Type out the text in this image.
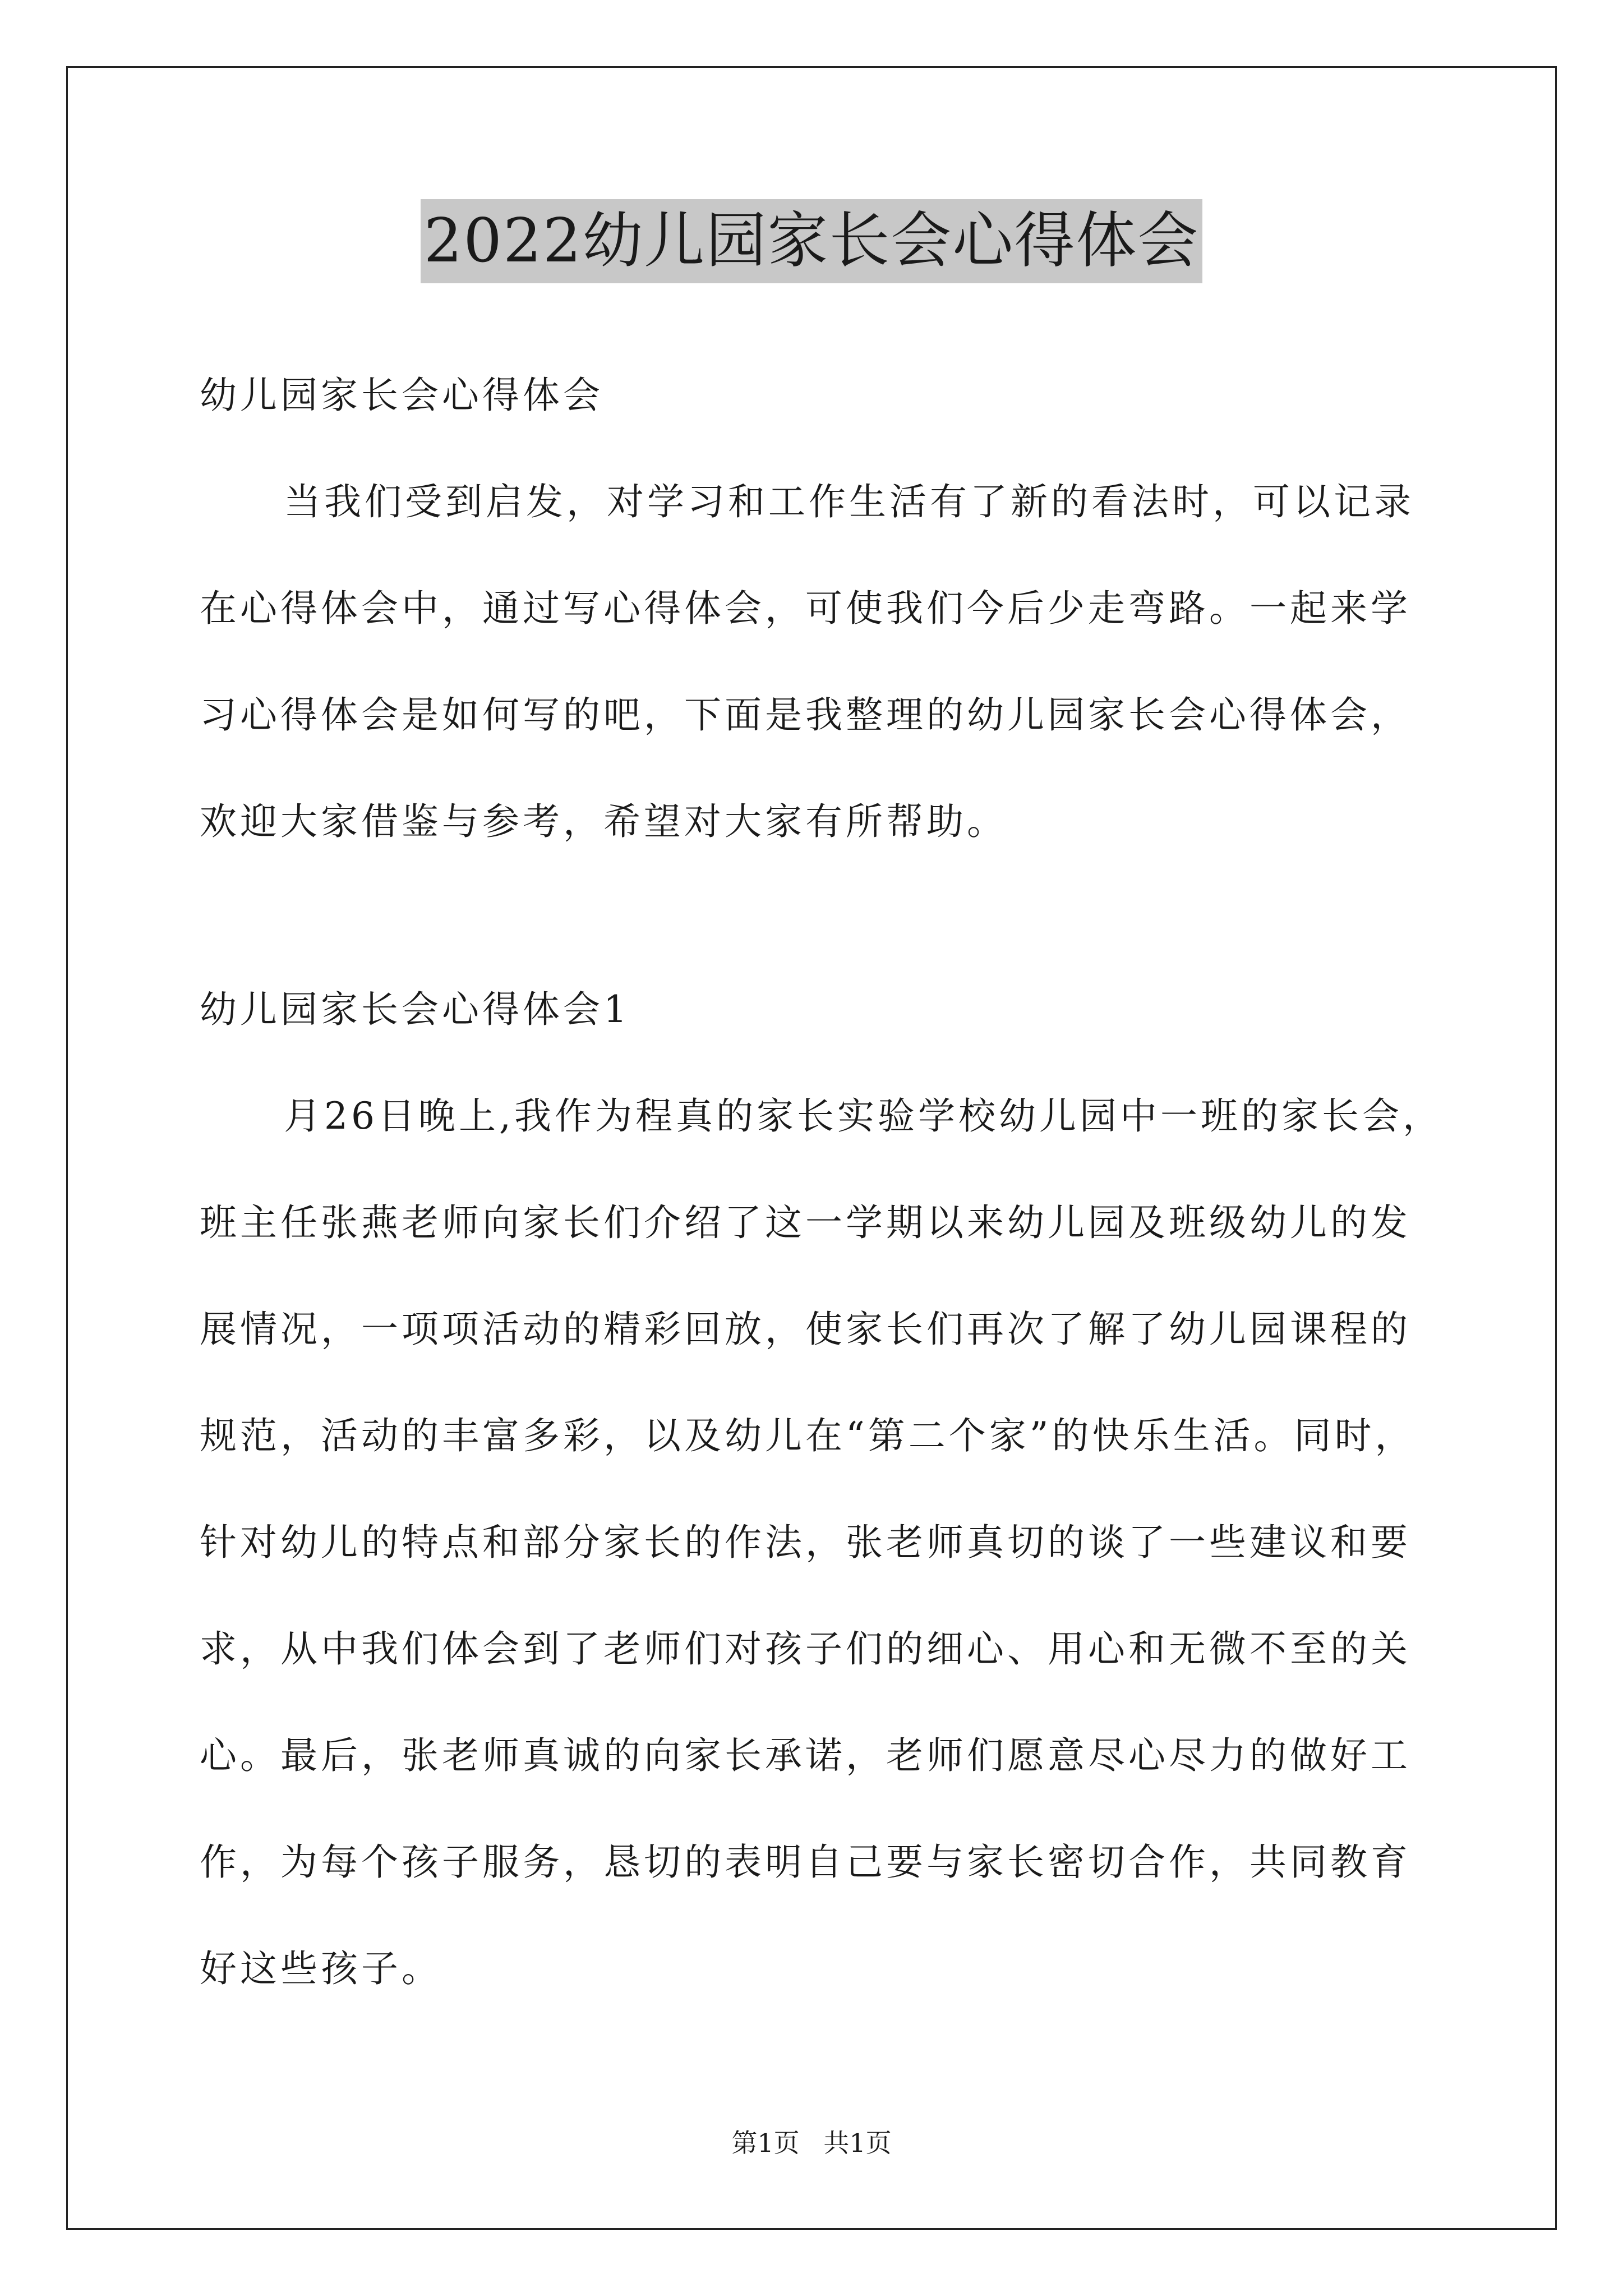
2022幼儿园家长会心得体会
幼儿园家长会心得体会
当我们受到启发，对学习和工作生活有了新的看法时，可以记录
在心得体会中，通过写心得体会，可使我们今后少走弯路。一起来学
习心得体会是如何写的吧，下面是我整理的幼儿园家长会心得体会，
欢迎大家借鉴与参考，希望对大家有所帮助。
幼儿园家长会心得体会1
月26日晚上,我作为程真的家长实验学校幼儿园中一班的家长会，
班主任张燕老师向家长们介绍了这一学期以来幼儿园及班级幼儿的发
展情况，一项项活动的精彩回放，使家长们再次了解了幼儿园课程的
规范，活动的丰富多彩，以及幼儿在“第二个家”的快乐生活。同时，
针对幼儿的特点和部分家长的作法，张老师真切的谈了一些建议和要
求，从中我们体会到了老师们对孩子们的细心、用心和无微不至的关
心。最后，张老师真诚的向家长承诺，老师们愿意尽心尽力的做好工
作，为每个孩子服务，恳切的表明自己要与家长密切合作，共同教育
好这些孩子。
第1页 共1页
